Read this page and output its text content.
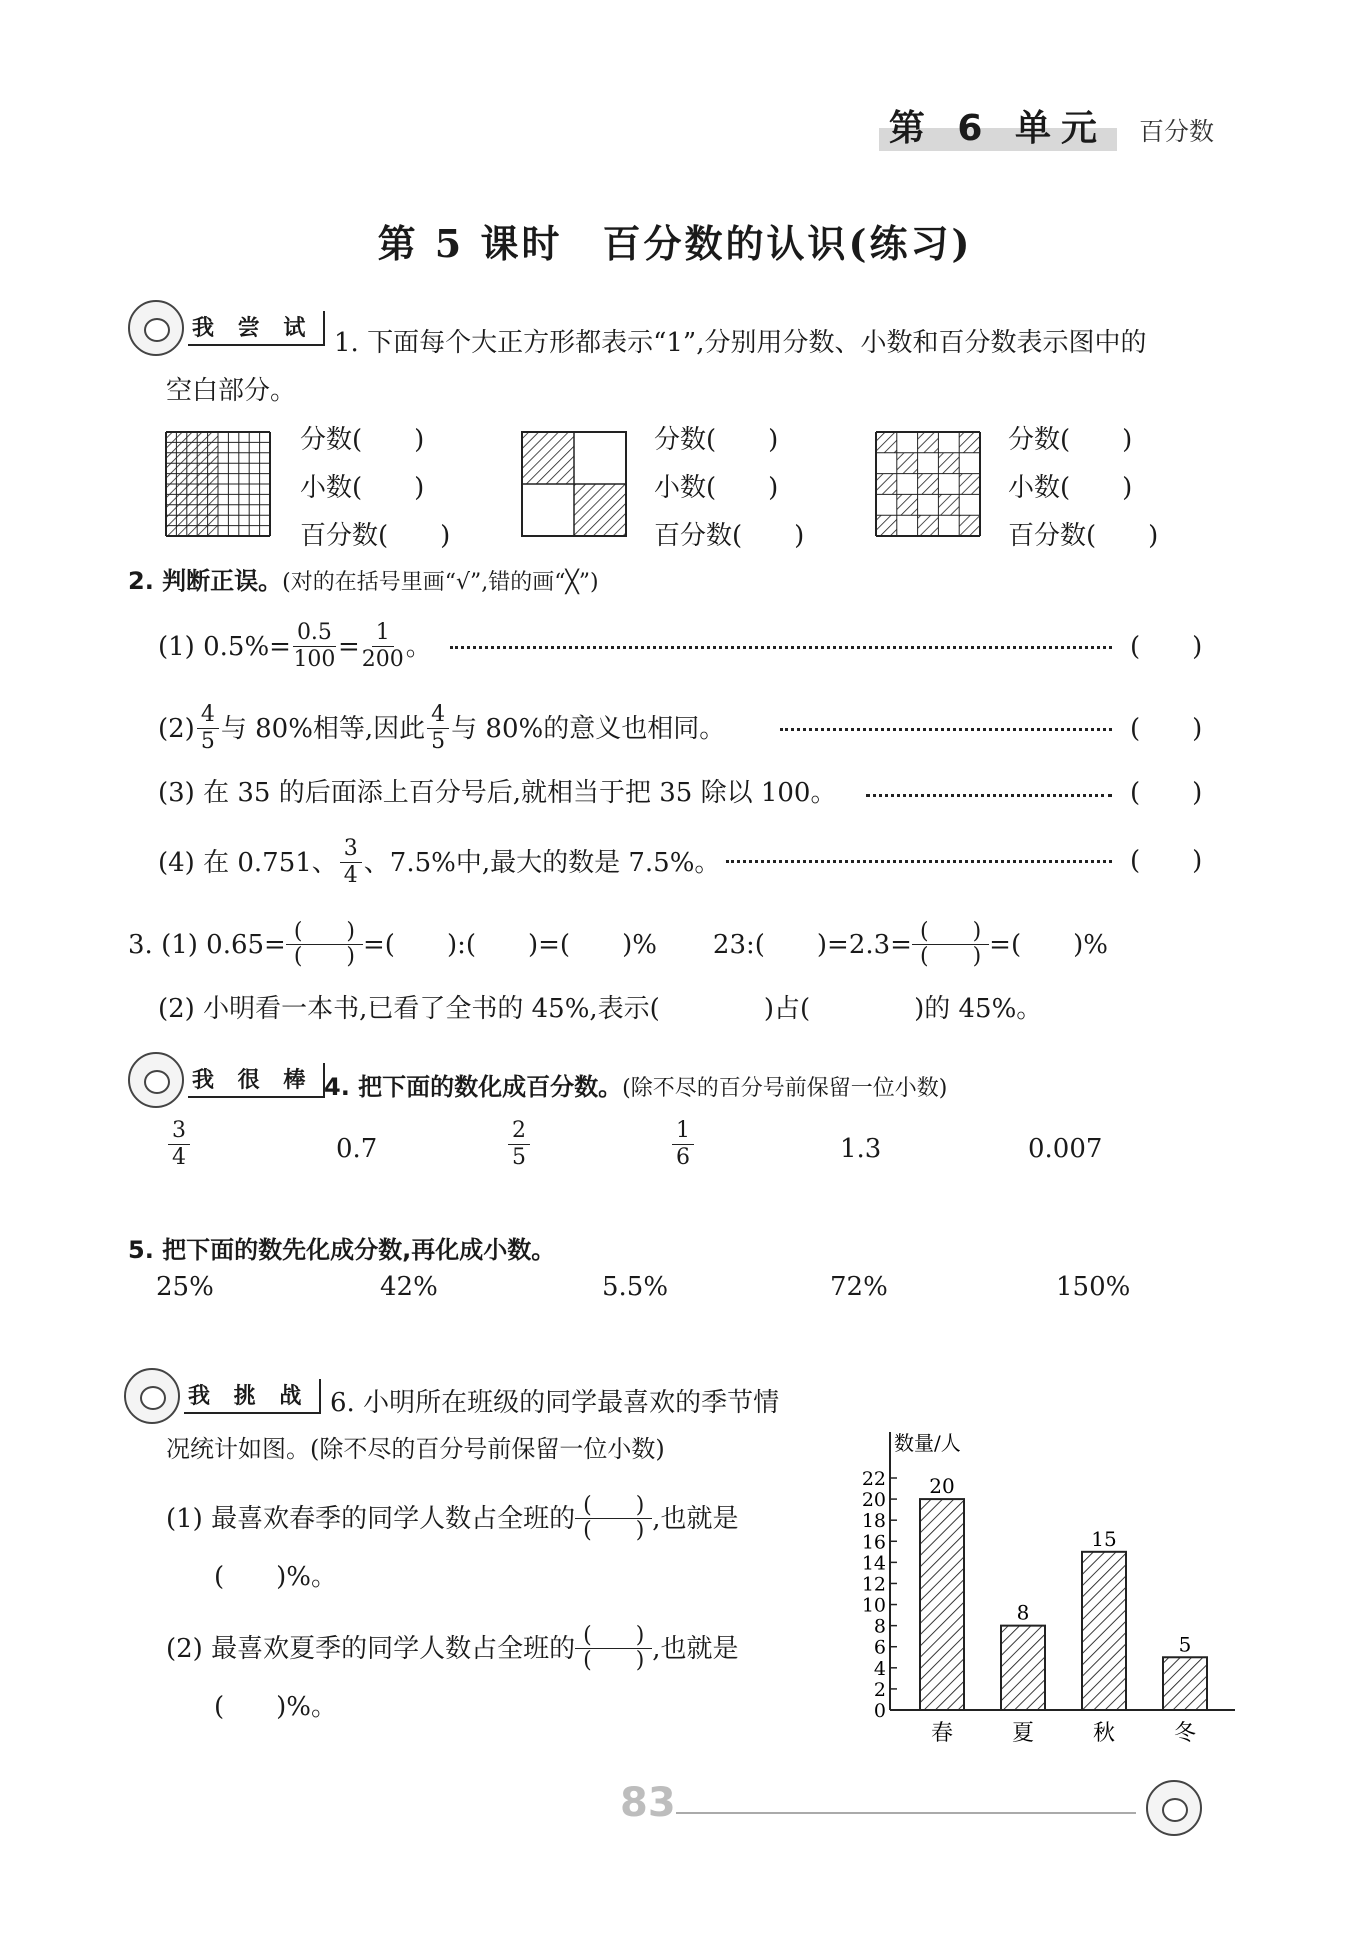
第 6 单元	百分数
第 5 课时 百分数的认识(练习)
我 尝 试 1. 下面每个大正方形都表示“1”,分别用分数、小数和百分数表示图中的
空白部分。
分数(　　)
小数(　　)
百分数(　　)
分数(　　)
小数(　　)
百分数(　　)
分数(　　)
小数(　　)
百分数(　　)
2. 判断正误。(对的在括号里画“√”,错的画“╳”)
(1) $0.5\%= \frac{0.5}{100} = \frac{1}{200}$ 。	(　　)
$(2) \frac{4}{5}$ 与 80%相等,因此 $\frac{4}{5}$ 与 80%的意义也相同。	(　　)
(3) 在 35 的后面添上百分号后,就相当于把 35 除以 100。	(　　)
(4) 在 0.751、 $\frac{3}{4}$ 、7.5%中,最大的数是 7.5%。	(　　)
3. (1) 0.65= (　　)
(　　) =(　　):(　　)=(　　)% 23:(　　)=2.3= (　　)
(　　) =(　　)%
(2) 小明看一本书,已看了全书的 45%,表示(　　　　)占(　　　　)的 45%。
我 很 棒 4. 把下面的数化成百分数。(除不尽的百分号前保留一位小数)
$\frac{3}{4}$	0.7	$\frac{2}{5}$	$\frac{1}{6}$	1.3	0.007
5. 把下面的数先化成分数,再化成小数。
25%	42%	5.5%	72%	150%
我 挑 战 6. 小明所在班级的同学最喜欢的季节情
况统计如图。(除不尽的百分号前保留一位小数)
(1) 最喜欢春季的同学人数占全班的 (　　)
(　　) ,也就是
(　　)%。
(2) 最喜欢夏季的同学人数占全班的 (　　)
(　　) ,也就是
(　　)%。
数量/人
0
2
4
6
8
10
12
14
16
18
20
22 20
春
8
夏
15
秋
5
冬
83
